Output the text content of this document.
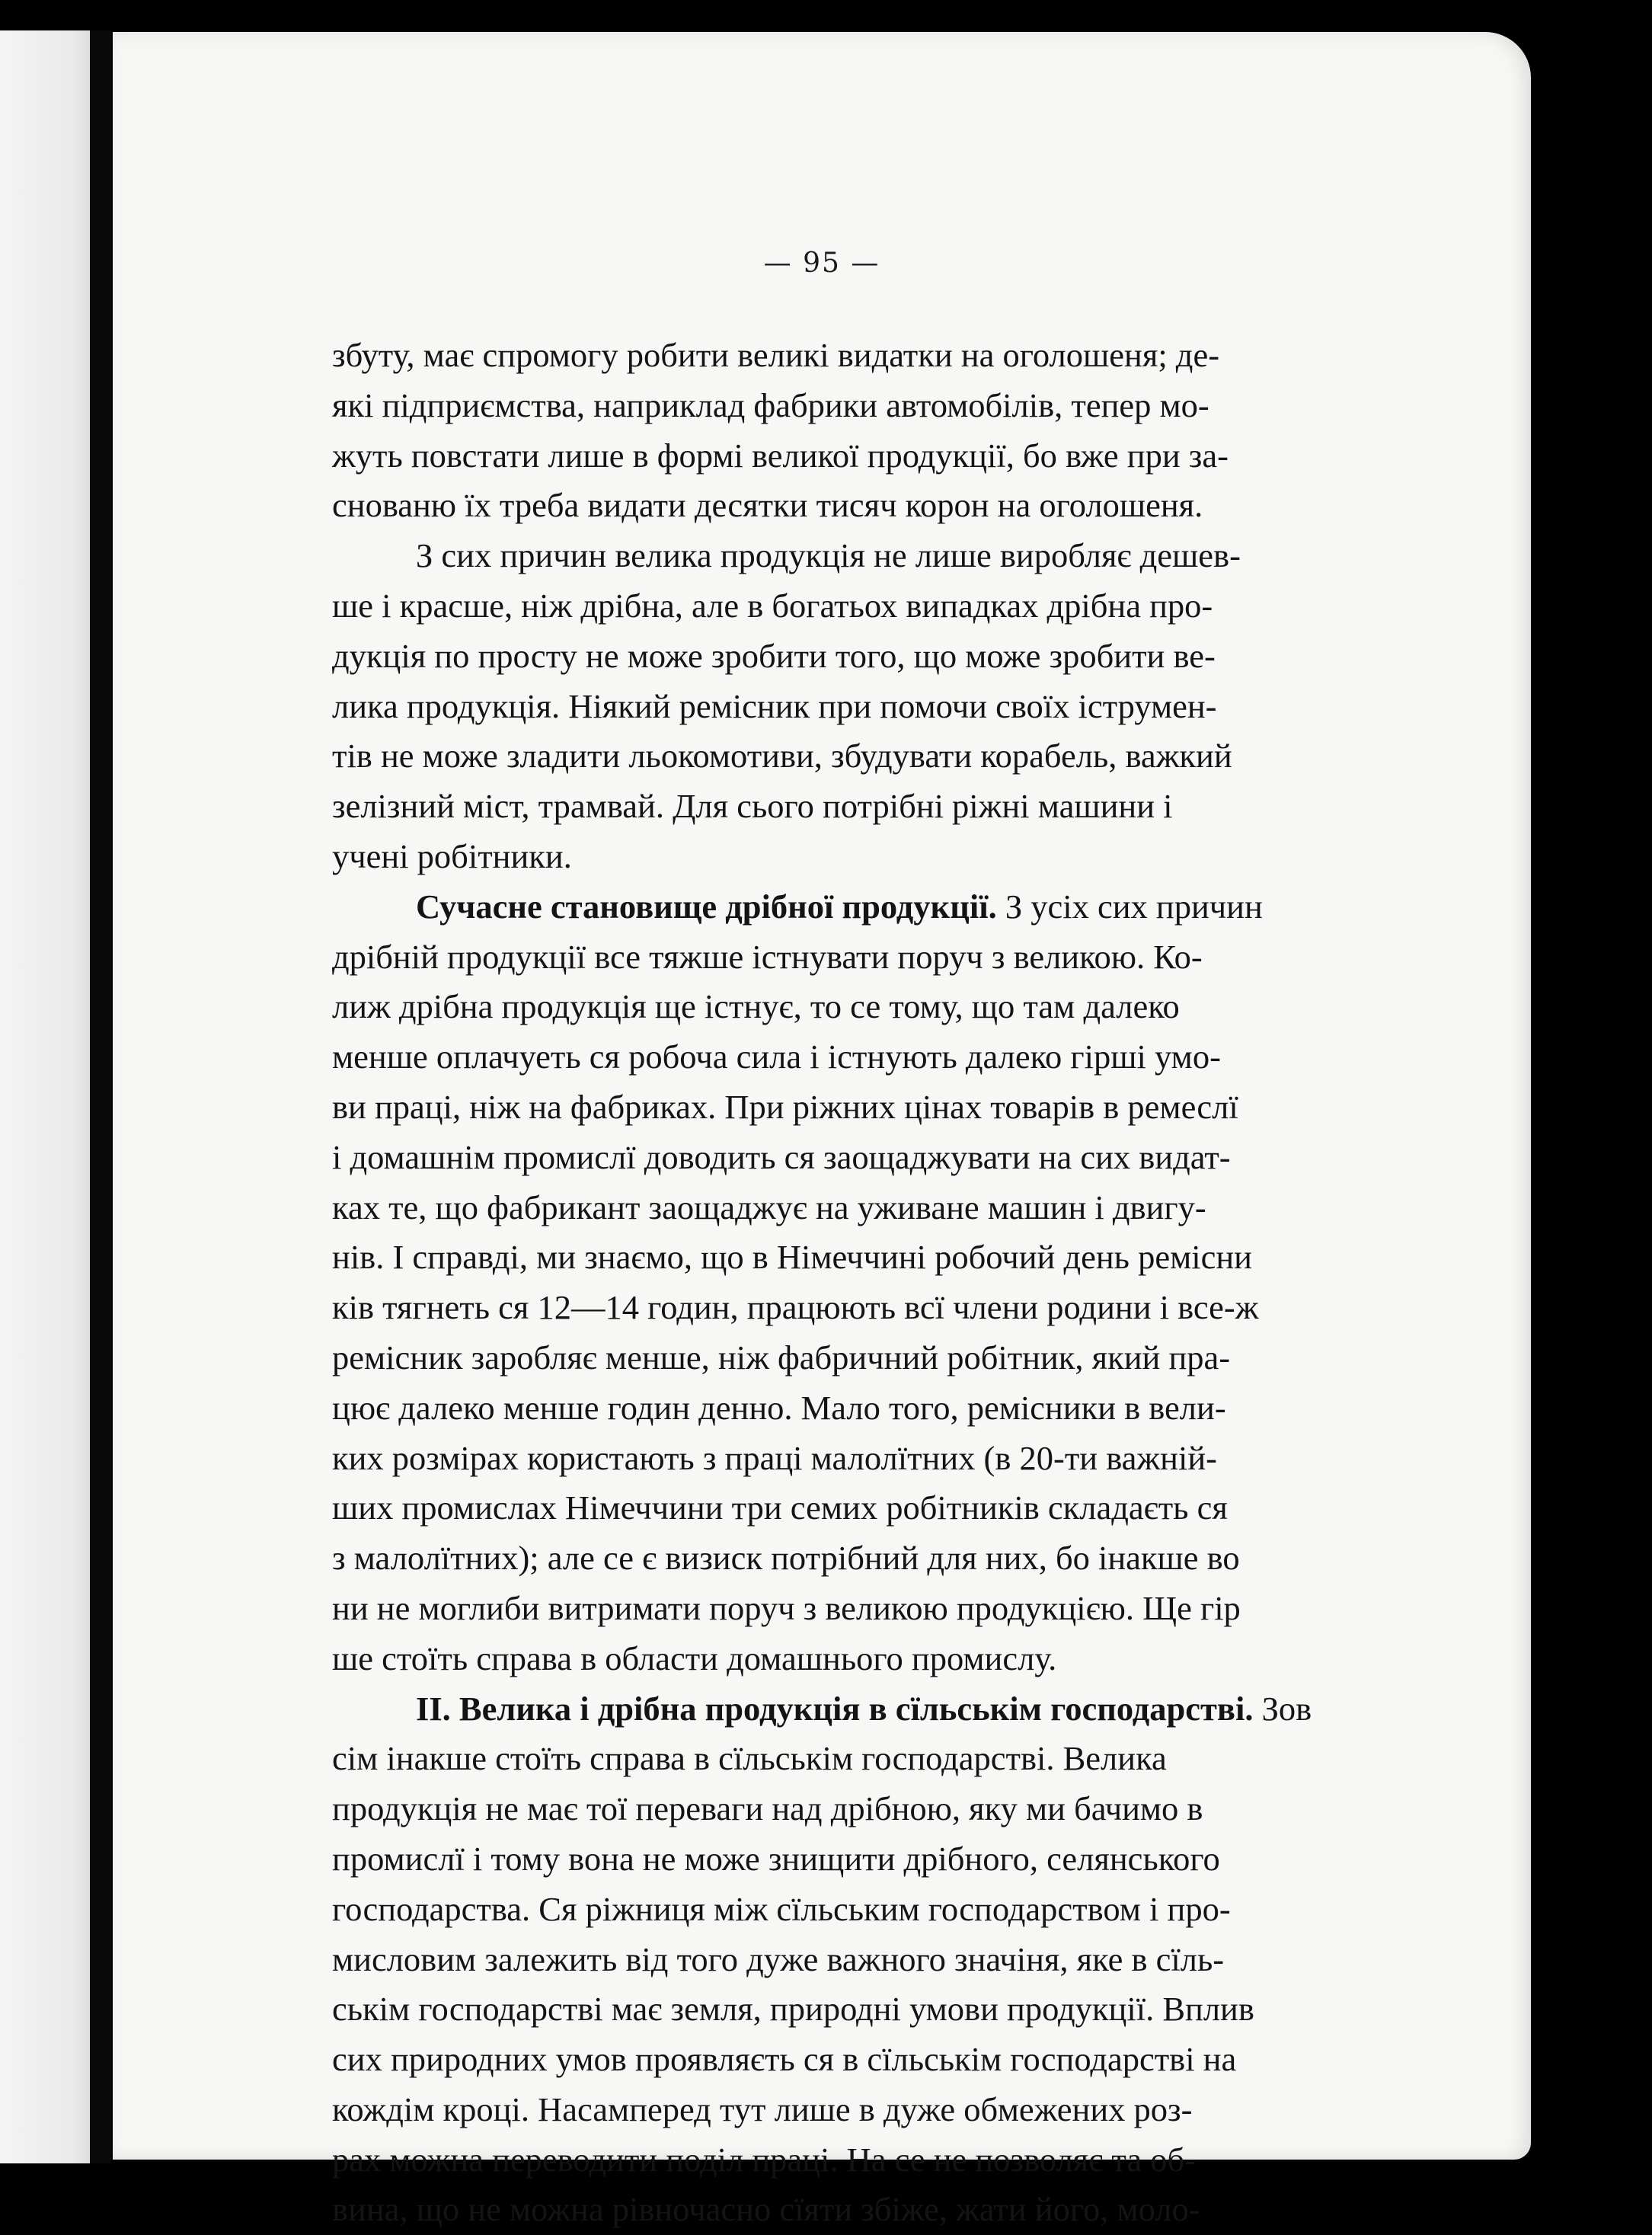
— 95 —
збуту, має спромогу робити великі видатки на оголошеня; де-
які підприємства, наприклад фабрики автомобілів, тепер мо-
жуть повстати лише в формі великої продукції, бо вже при за-
снованю їх треба видати десятки тисяч корон на оголошеня.
З сих причин велика продукція не лише виробляє дешев-
ше і красше, ніж дрібна, але в богатьох випадках дрібна про-
дукція по просту не може зробити того, що може зробити ве-
лика продукція. Ніякий ремісник при помочи своїх іструмен-
тів не може зладити льокомотиви, збудувати корабель, важкий
зелізний міст, трамвай. Для сього потрібні ріжні машини і
учені робітники.
Сучасне становище дрібної продукції. З усіх сих причин
дрібній продукції все тяжше істнувати поруч з великою. Ко-
лиж дрібна продукція ще істнує, то се тому, що там далеко
менше оплачуеть ся робоча сила і істнують далеко гірші умо-
ви праці, ніж на фабриках. При ріжних цінах товарів в ремеслї
і домашнім промислї доводить ся заощаджувати на сих видат-
ках те, що фабрикант заощаджує на уживане машин і двигу-
нів. І справді, ми знаємо, що в Німеччині робочий день ремісни
ків тягнеть ся 12—14 годин, працюють всї члени родини і все-ж
ремісник заробляє менше, ніж фабричний робітник, який пра-
цює далеко менше годин денно. Мало того, ремісники в вели-
ких розмірах користають з праці малолїтних (в 20-ти важній-
ших промислах Німеччини три семих робітників складаєть ся
з малолїтних); але се є визиск потрібний для них, бо інакше во
ни не моглиби витримати поруч з великою продукцією. Ще гір
ше стоїть справа в области домашнього промислу.
II. Велика і дрібна продукція в сїльськім господарстві. Зов
сім інакше стоїть справа в сїльськім господарстві. Велика
продукція не має тої переваги над дрібною, яку ми бачимо в
промислї і тому вона не може знищити дрібного, селянського
господарства. Ся ріжниця між сїльським господарством і про-
мисловим залежить від того дуже важного значіня, яке в сїль-
ськім господарстві має земля, природні умови продукції. Вплив
сих природних умов проявляєть ся в сїльськім господарстві на
кождім кроці. Насамперед тут лише в дуже обмежених роз-
рах можна переводити поділ праці. На се не позволяє та об-
вина, що не можна рівночасно сїяти збіже, жати його, моло-
